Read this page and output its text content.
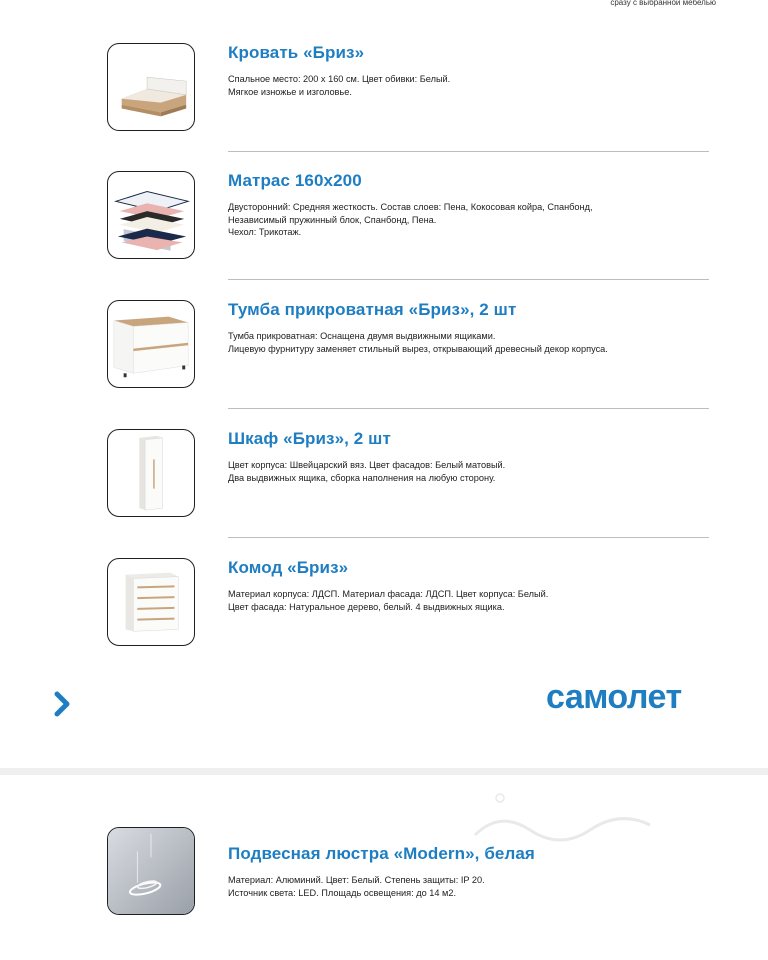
сразу с выбранной мебелью
Кровать «Бриз»
Спальное место: 200 х 160 см. Цвет обивки: Белый.
Мягкое изножье и изголовье.
Матрас 160х200
Двусторонний: Средняя жесткость. Состав слоев: Пена, Кокосовая койра, Спанбонд,
Независимый пружинный блок, Спанбонд, Пена.
Чехол: Трикотаж.
Тумба прикроватная «Бриз», 2 шт
Тумба прикроватная: Оснащена двумя выдвижными ящиками.
Лицевую фурнитуру заменяет стильный вырез, открывающий древесный декор корпуса.
Шкаф «Бриз», 2 шт
Цвет корпуса: Швейцарский вяз. Цвет фасадов: Белый матовый.
Два выдвижных ящика, сборка наполнения на любую сторону.
Комод «Бриз»
Материал корпуса: ЛДСП. Материал фасада: ЛДСП. Цвет корпуса: Белый.
Цвет фасада: Натуральное дерево, белый. 4 выдвижных ящика.
самолет
Подвесная люстра «Modern», белая
Материал: Алюминий. Цвет: Белый. Степень защиты: IP 20.
Источник света: LED. Площадь освещения: до 14 м2.
